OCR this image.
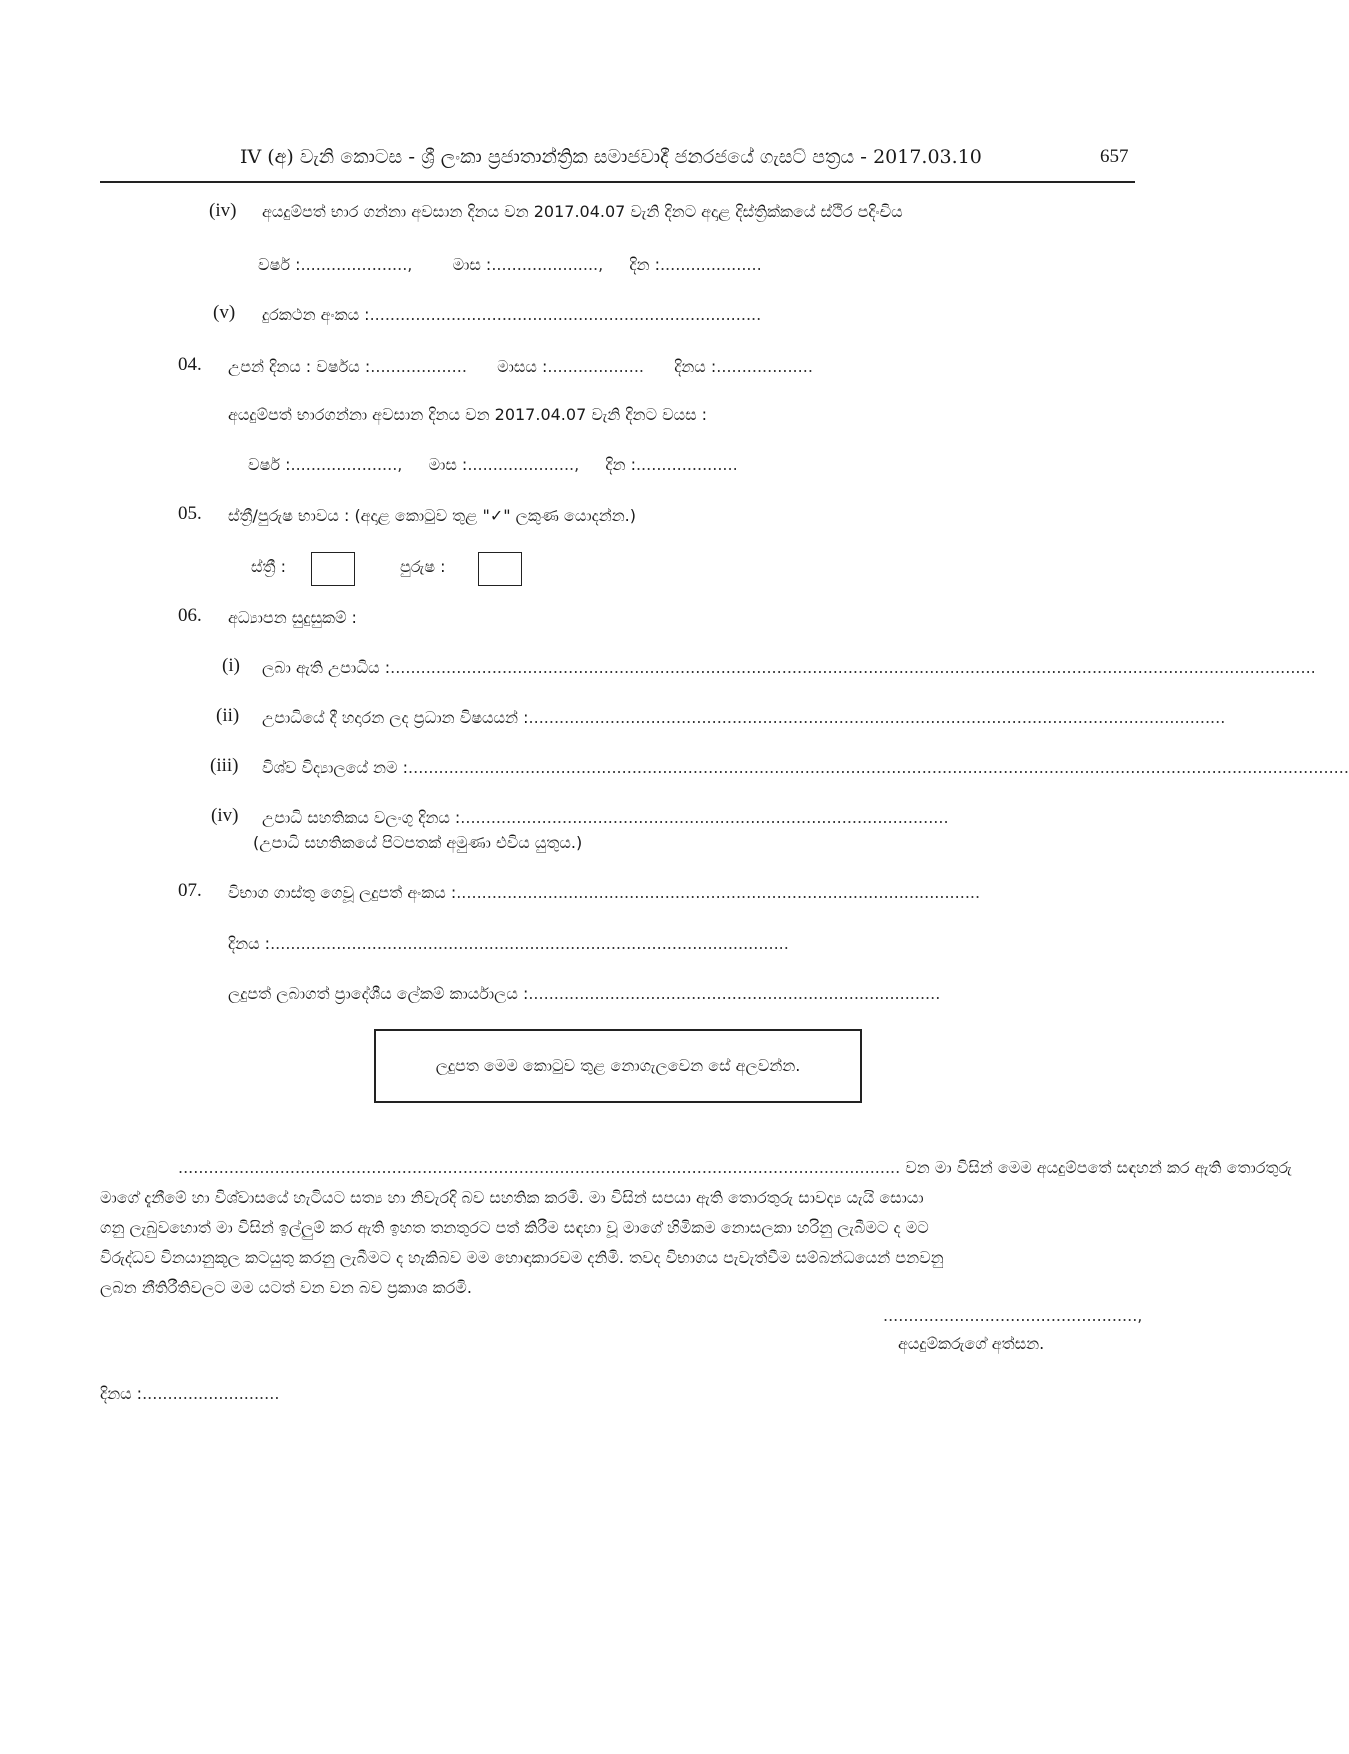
IV (අ) වැනි කොටස - ශ්‍රී ලංකා ප්‍රජාතාන්ත්‍රික සමාජවාදී ජනරජයේ ගැසට් පත්‍රය - 2017.03.10	657
(iv) අයදුම්පත් භාර ගන්නා අවසාන දිනය වන 2017.04.07 වැනි දිනට අදාළ දිස්ත්‍රික්කයේ ස්ථිර පදිංචිය
වර්ෂ :.....................,	මාස :....................., දින :....................
(v) දුරකථන අංකය :.............................................................................
04. උපන් දිනය : වර්ෂය :................... මාසය :................... දිනය :...................
අයදුම්පත් භාරගන්නා අවසාන දිනය වන 2017.04.07 වැනි දිනට වයස :
වර්ෂ :....................., මාස :....................., දින :....................
05. ස්ත්‍රී/පුරුෂ භාවය : (අදාළ කොටුව තුළ "✓" ලකුණ යොදන්න.)
ස්ත්‍රී :	පුරුෂ :
06. අධ්‍යාපන සුදුසුකම් :
(i) ලබා ඇති උපාධිය :......................................................................................................................................................................................
(ii) උපාධියේ දී හදාරන ලද ප්‍රධාන විෂයයන් :.........................................................................................................................................
(iii) විශ්ව විද්‍යාලයේ නම :.........................................................................................................................................................................................
(iv) උපාධි සහතිකය වලංගු දිනය :................................................................................................
(උපාධි සහතිකයේ පිටපතක් අමුණා එවිය යුතුය.)
07. විභාග ගාස්තු ගෙවූ ලදුපත් අංකය :.......................................................................................................
දිනය :......................................................................................................
ලදුපත් ලබාගත් ප්‍රාදේශීය ලේකම් කාර්යාලය :.................................................................................
ලදුපත මෙම කොටුව තුළ නොගැලවෙන සේ අලවන්න.
.............................................................................................................................................. වන මා විසින් මෙම අයදුම්පතේ සඳහන් කර ඇති තොරතුරු
මාගේ දැනීමේ හා විශ්වාසයේ හැටියට සත්‍ය හා නිවැරදි බව සහතික කරමි. මා විසින් සපයා ඇති තොරතුරු සාවද්‍ය යැයි සොයා
ගනු ලැබුවහොත් මා විසින් ඉල්ලුම් කර ඇති ඉහත තනතුරට පත් කිරීම සඳහා වූ මාගේ හිමිකම නොසලකා හරිනු ලැබීමට ද මට
විරුද්ධව විනයානුකූල කටයුතු කරනු ලැබීමට ද හැකිබව මම හොඳාකාරවම දනිමි. තවද විභාගය පැවැත්වීම සම්බන්ධයෙන් පනවනු
ලබන නීතිරීතිවලට මම යටත් වන වන බව ප්‍රකාශ කරමි.
..................................................,
අයදුම්කරුගේ අත්සන.
දිනය :...........................
